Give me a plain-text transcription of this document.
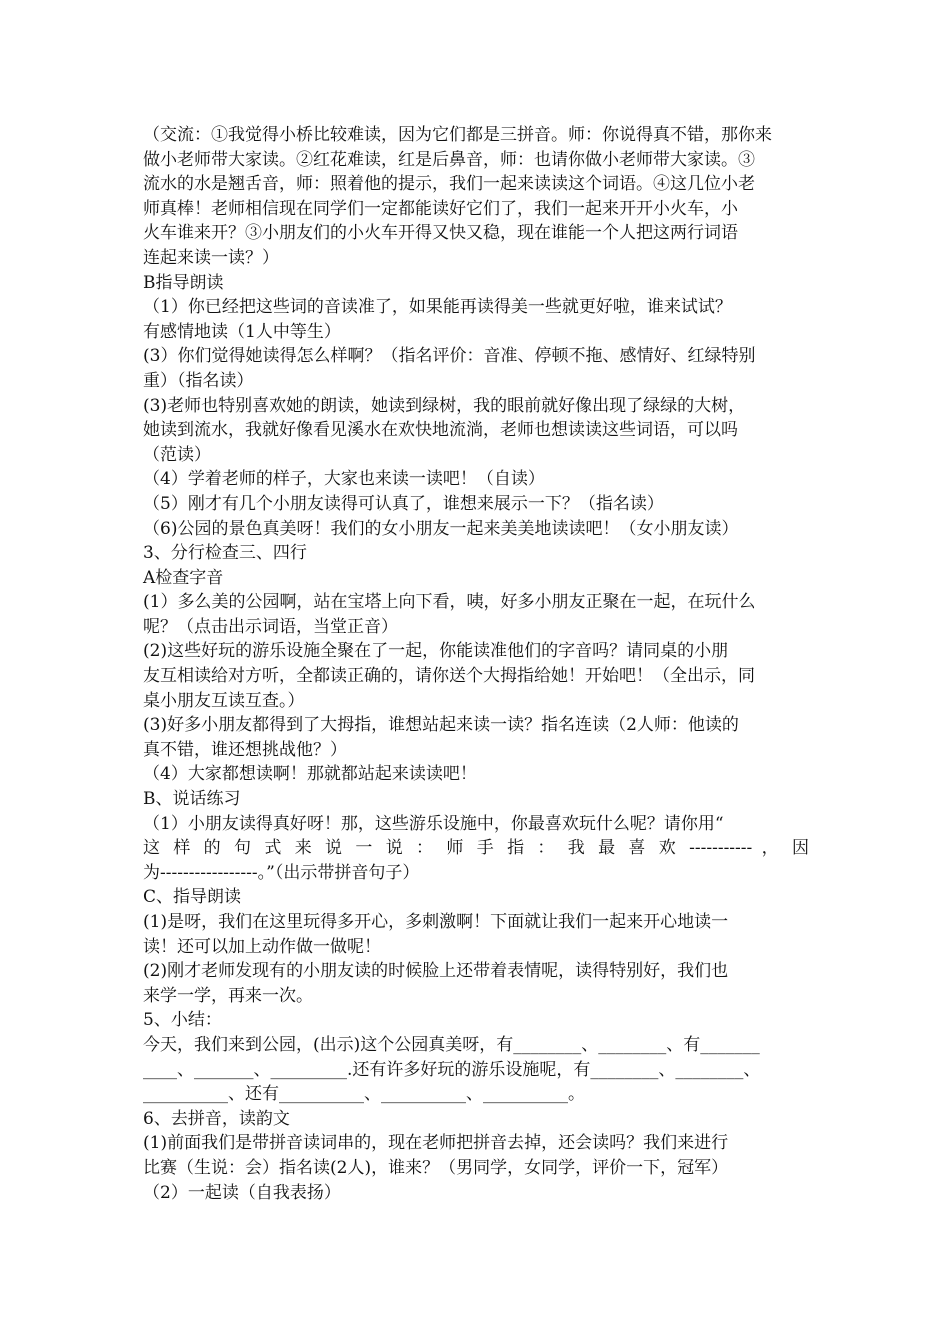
（交流：①我觉得小桥比较难读，因为它们都是三拼音。师：你说得真不错，那你来
做小老师带大家读。②红花难读，红是后鼻音，师：也请你做小老师带大家读。③
流水的水是翘舌音，师：照着他的提示，我们一起来读读这个词语。④这几位小老
师真棒！老师相信现在同学们一定都能读好它们了，我们一起来开开小火车，小
火车谁来开？③小朋友们的小火车开得又快又稳，现在谁能一个人把这两行词语
连起来读一读？）
B指导朗读
（1）你已经把这些词的音读准了，如果能再读得美一些就更好啦，谁来试试？
有感情地读（1人中等生）
(3）你们觉得她读得怎么样啊？（指名评价：音准、停顿不拖、感情好、红绿特别
重）（指名读）
(3)老师也特别喜欢她的朗读，她读到绿树，我的眼前就好像出现了绿绿的大树，
她读到流水，我就好像看见溪水在欢快地流淌，老师也想读读这些词语，可以吗
（范读）
（4）学着老师的样子，大家也来读一读吧！（自读）
（5）刚才有几个小朋友读得可认真了，谁想来展示一下？（指名读）
（6)公园的景色真美呀！我们的女小朋友一起来美美地读读吧！（女小朋友读）
3、分行检查三、四行
A检查字音
(1）多么美的公园啊，站在宝塔上向下看，咦，好多小朋友正聚在一起，在玩什么
呢？（点击出示词语，当堂正音）
(2)这些好玩的游乐设施全聚在了一起，你能读准他们的字音吗？请同桌的小朋
友互相读给对方听，全都读正确的，请你送个大拇指给她！开始吧！（全出示，同
桌小朋友互读互查。）
(3)好多小朋友都得到了大拇指，谁想站起来读一读？指名连读（2人师：他读的
真不错，谁还想挑战他？）
（4）大家都想读啊！那就都站起来读读吧！
B、说话练习
（1）小朋友读得真好呀！那，这些游乐设施中，你最喜欢玩什么呢？请你用“
这 样 的 句 式 来 说 一 说 ： 师 手 指 ： 我 最 喜 欢 ----------- ， 因
为-----------------。”（出示带拼音句子）
C、指导朗读
(1)是呀，我们在这里玩得多开心，多刺激啊！下面就让我们一起来开心地读一
读！还可以加上动作做一做呢！
(2)刚才老师发现有的小朋友读的时候脸上还带着表情呢，读得特别好，我们也
来学一学，再来一次。
5、小结：
今天，我们来到公园，(出示)这个公园真美呀，有________、________、有_______
____、_______、_________.还有许多好玩的游乐设施呢，有________、________、
__________、还有__________、__________、__________。
6、去拼音，读韵文
(1)前面我们是带拼音读词串的，现在老师把拼音去掉，还会读吗？我们来进行
比赛（生说：会）指名读(2人)，谁来？（男同学，女同学，评价一下，冠军）
（2）一起读（自我表扬）
